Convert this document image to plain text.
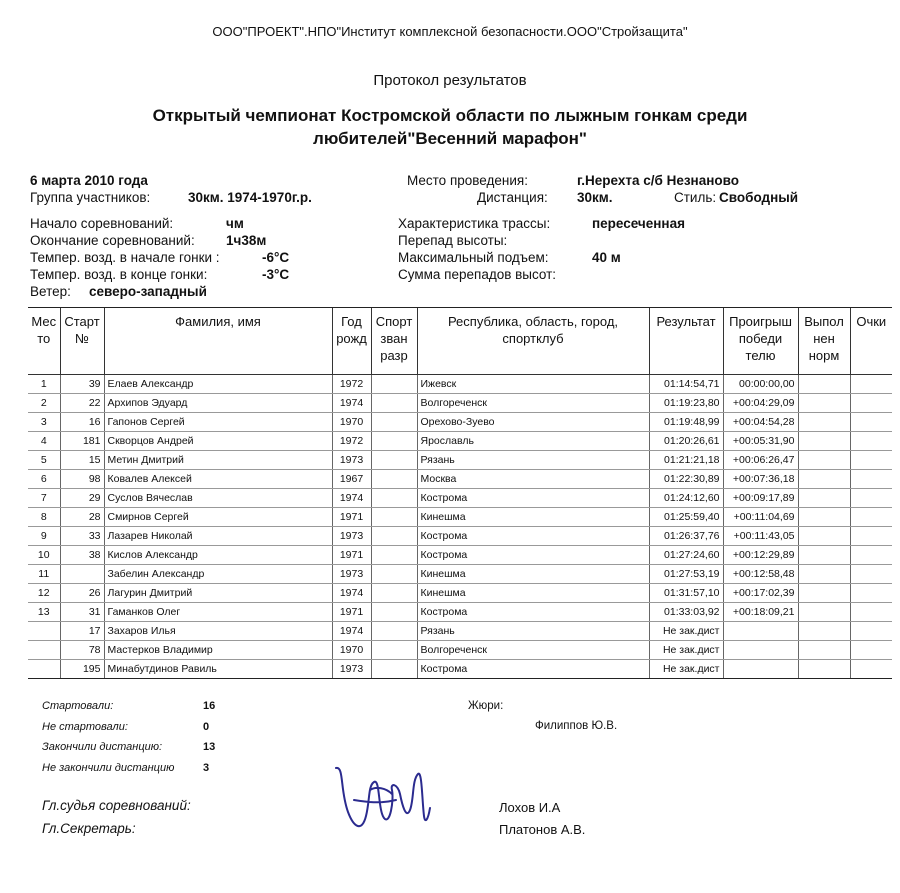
ООО"ПРОЕКТ".НПО"Институт комплексной безопасности.ООО"Стройзащита"
Протокол результатов
Открытый чемпионат Костромской области по лыжным гонкам среди
любителей"Весенний марафон"
6 марта 2010 года
Группа участников:	30км. 1974-1970г.р.
Начало соревнований:	чм
Окончание соревнований: 1ч38м
Темпер. возд. в начале гонки :	-6°С
Темпер. возд. в конце гонки:	-3°С
Ветер: северо-западный
Место проведения:	г.Нерехта с/б Незнаново
Дистанция: 30км.	Стиль: Свободный
Характеристика трассы:	пересеченная
Перепад высоты:
Максимальный подъем:	40 м
Сумма перепадов высот:
Мес то	Старт №	Фамилия, имя	Год рожд	Спорт зван разр	Республика, область, город, спортклуб	Результат	Проигрыш победи телю	Выпол нен норм	Очки
1	39	Елаев Александр	1972		Ижевск	01:14:54,71	00:00:00,00		
2	22	Архипов Эдуард	1974		Волгореченск	01:19:23,80	+00:04:29,09		
3	16	Гапонов Сергей	1970		Орехово-Зуево	01:19:48,99	+00:04:54,28		
4	181	Скворцов Андрей	1972		Ярославль	01:20:26,61	+00:05:31,90		
5	15	Метин Дмитрий	1973		Рязань	01:21:21,18	+00:06:26,47		
6	98	Ковалев Алексей	1967		Москва	01:22:30,89	+00:07:36,18		
7	29	Суслов Вячеслав	1974		Кострома	01:24:12,60	+00:09:17,89		
8	28	Смирнов Сергей	1971		Кинешма	01:25:59,40	+00:11:04,69		
9	33	Лазарев Николай	1973		Кострома	01:26:37,76	+00:11:43,05		
10	38	Кислов Александр	1971		Кострома	01:27:24,60	+00:12:29,89		
11		Забелин Александр	1973		Кинешма	01:27:53,19	+00:12:58,48		
12	26	Лагурин Дмитрий	1974		Кинешма	01:31:57,10	+00:17:02,39		
13	31	Гаманков Олег	1971		Кострома	01:33:03,92	+00:18:09,21		
	17	Захаров Илья	1974		Рязань	Не зак.дист			
	78	Мастерков Владимир	1970		Волгореченск	Не зак.дист			
	195	Минабутдинов Равиль	1973		Кострома	Не зак.дист			
Стартовали:	16
Не стартовали:	0
Закончили дистанцию:	13
Не закончили дистанцию	3
Жюри:
Филиппов Ю.В.
Гл.судья соревнований:	Лохов И.А
Гл.Секретарь:	Платонов А.В.
